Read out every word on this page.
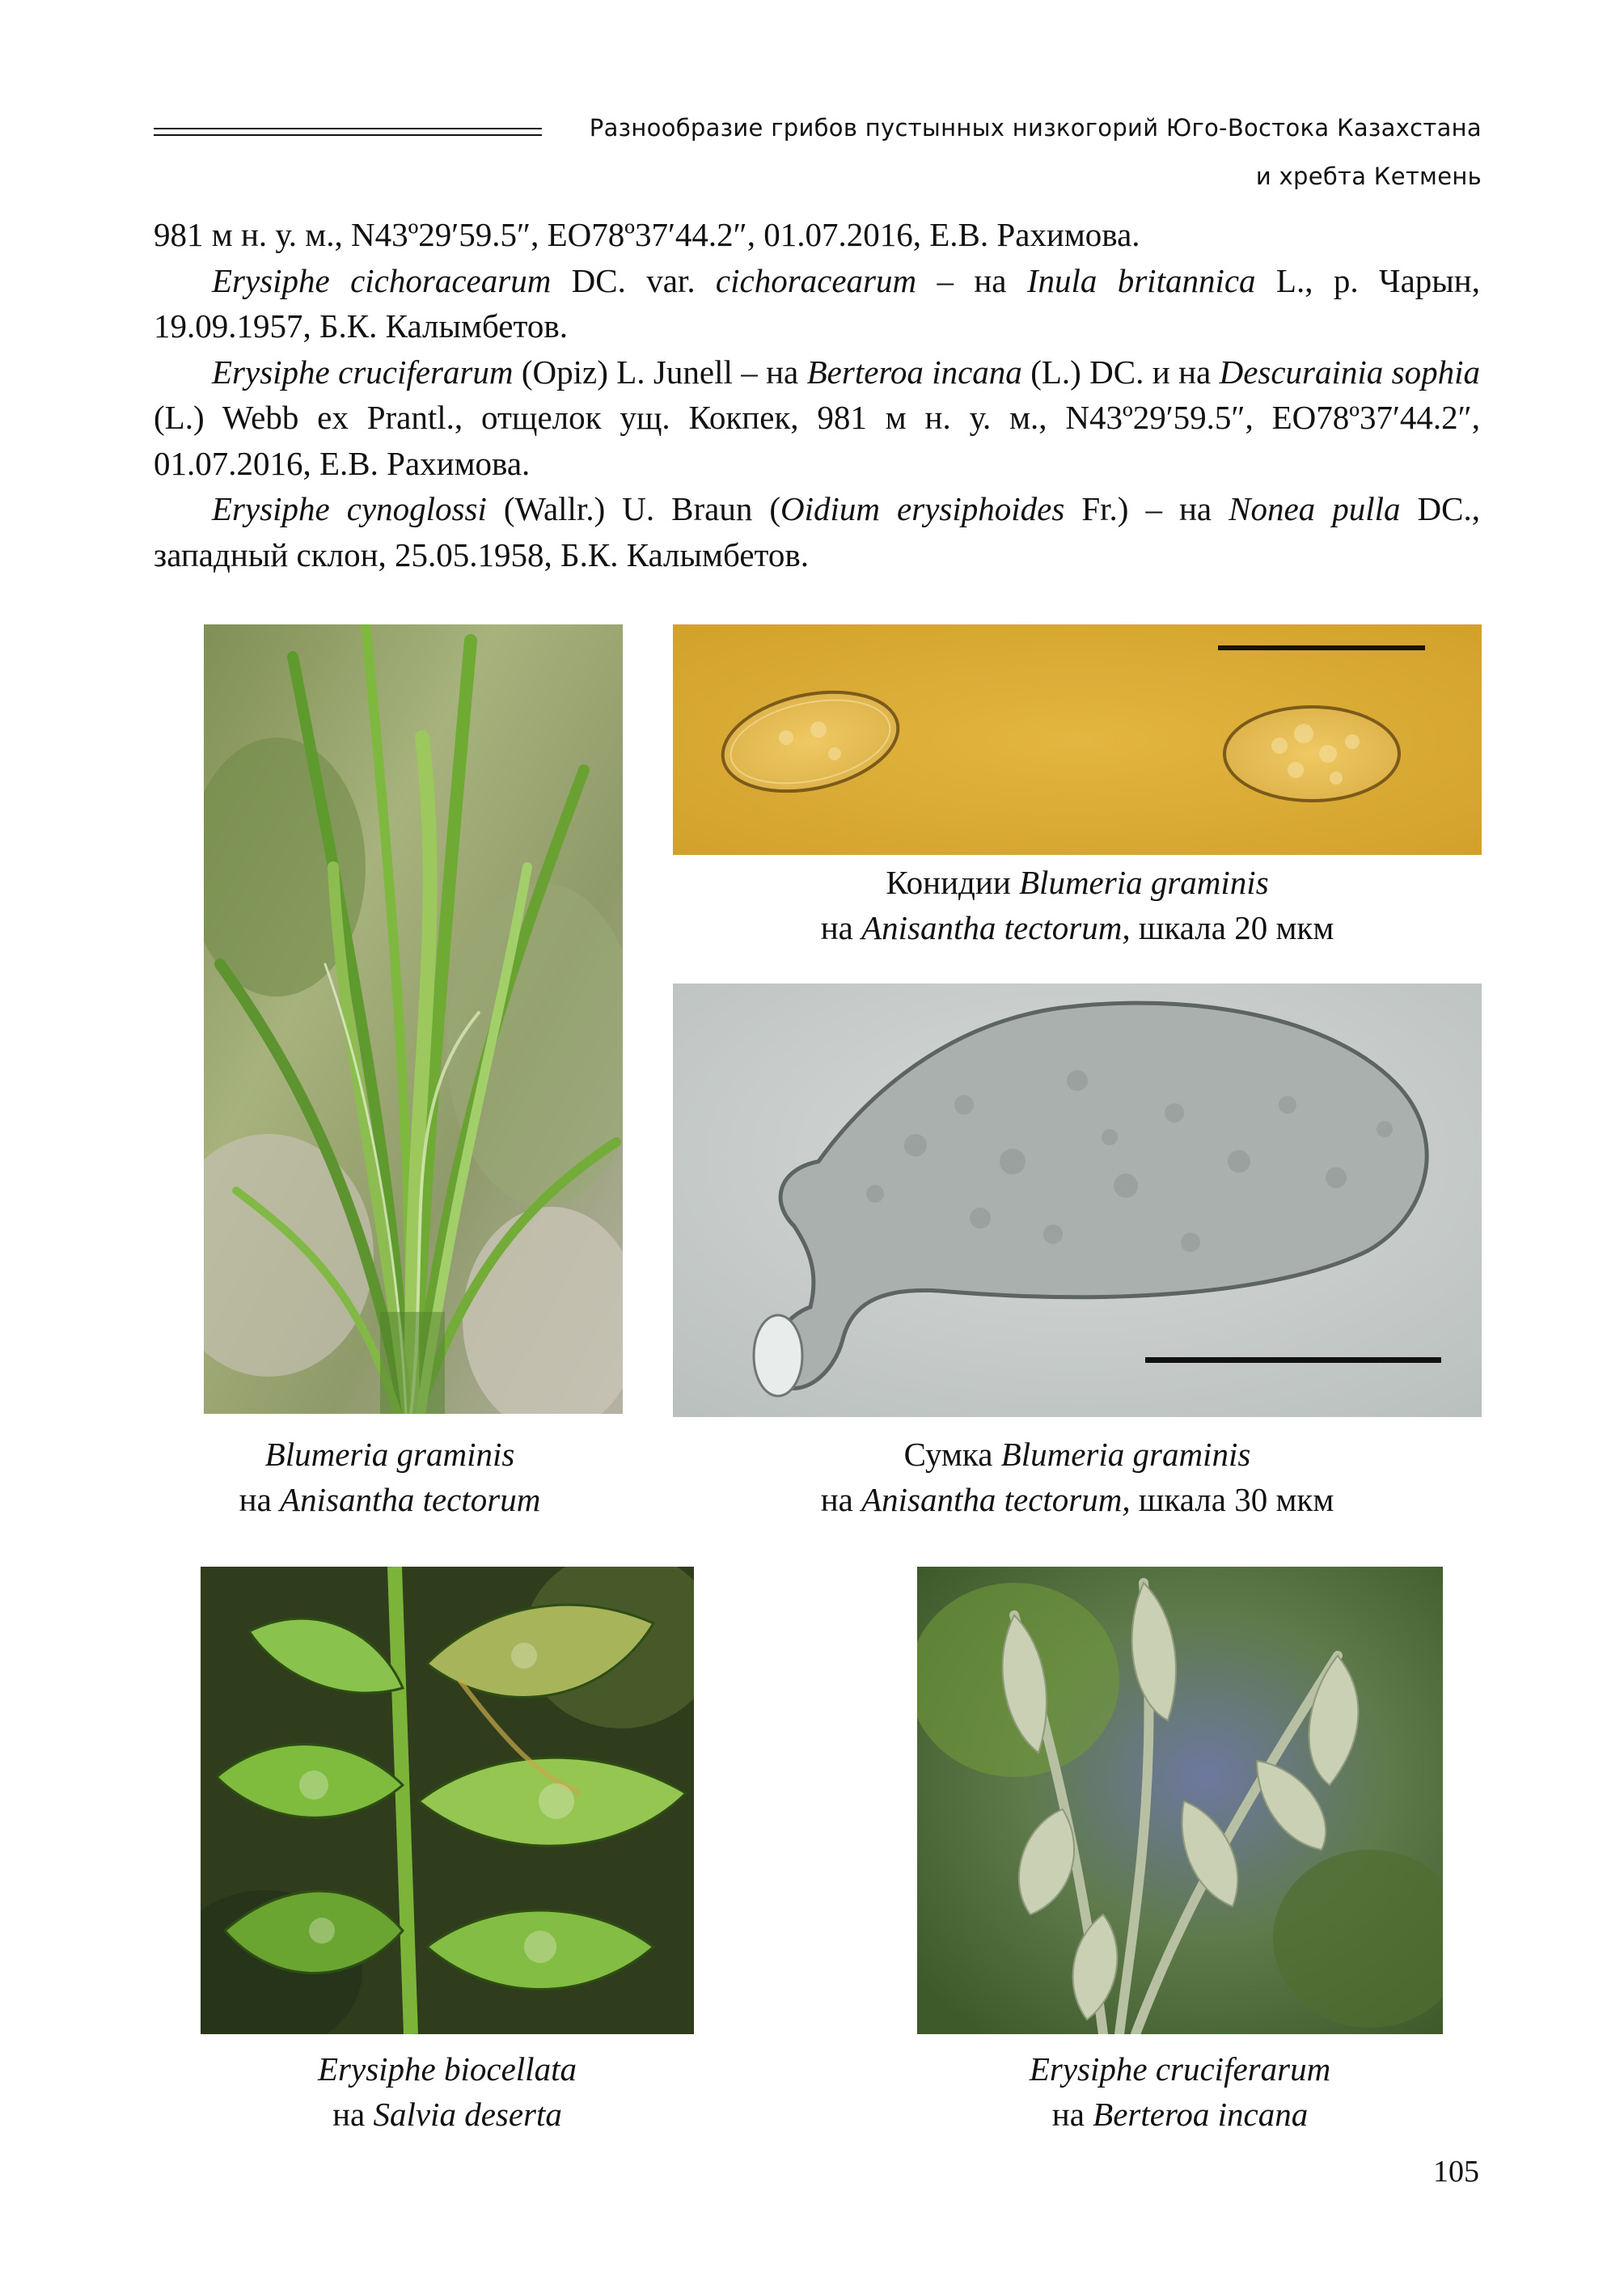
Разнообразие грибов пустынных низкогорий Юго-Востока Казахстана
и хребта Кетмень

981 м н. у. м., N43º29′59.5″, EO78º37′44.2″, 01.07.2016, Е.В. Рахимова.

Erysiphe cichoracearum DC. var. cichoracearum – на Inula britannica L., р. Чарын, 19.09.1957, Б.К. Калымбетов.

Erysiphe cruciferarum (Opiz) L. Junell – на Berteroa incana (L.) DC. и на Descurainia sophia (L.) Webb ex Prantl., отщелок ущ. Кокпек, 981 м н. у. м., N43º29′59.5″, EO78º37′44.2″, 01.07.2016, Е.В. Рахимова.

Erysiphe cynoglossi (Wallr.) U. Braun (Oidium erysiphoides Fr.) – на Nonea pulla DC., западный склон, 25.05.1958, Б.К. Калымбетов.

Конидии Blumeria graminis
на Anisantha tectorum, шкала 20 мкм
Blumeria graminis
на Anisantha tectorum
Сумка Blumeria graminis
на Anisantha tectorum, шкала 30 мкм
Erysiphe biocellata
на Salvia deserta
Erysiphe cruciferarum
на Berteroa incana
105
